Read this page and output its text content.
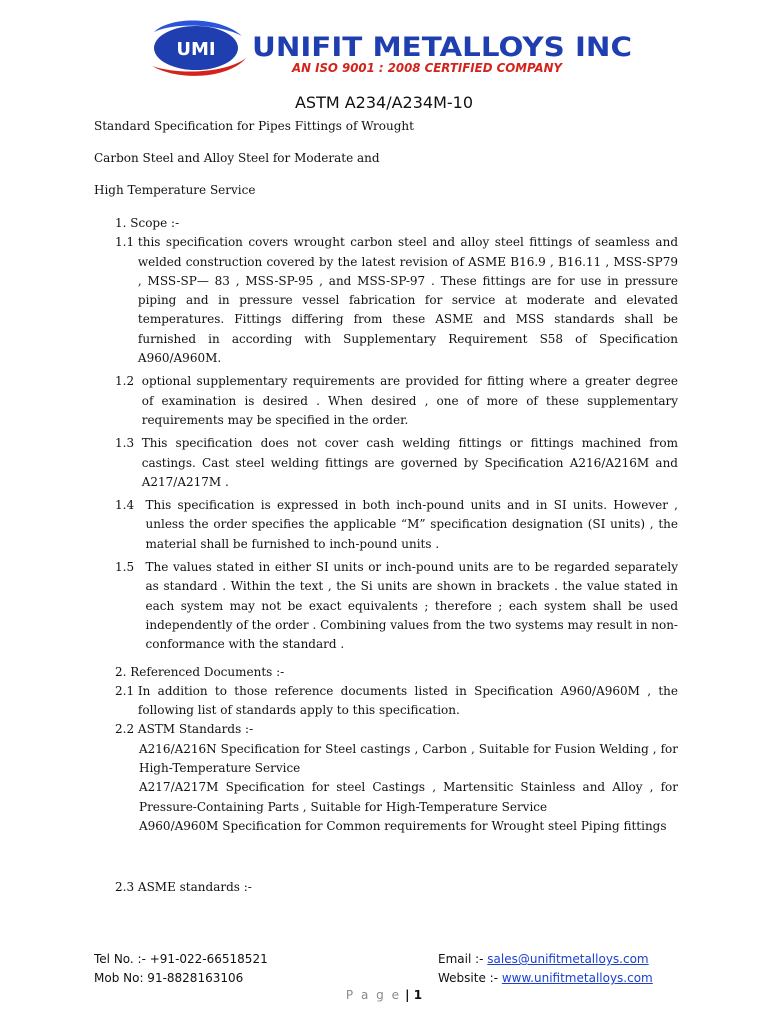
UMI UNIFIT METALLOYS INC
AN ISO 9001 : 2008 CERTIFIED COMPANY
ASTM A234/A234M-10
Standard Specification for Pipes Fittings of Wrought
Carbon Steel and Alloy Steel for Moderate and
High Temperature Service
1. Scope :-
1.1 this specification covers wrought carbon steel and alloy steel fittings of seamless and welded construction covered by the latest revision of ASME B16.9 , B16.11 , MSS-SP79 , MSS-SP— 83 , MSS-SP-95 , and MSS-SP-97 . These fittings are for use in pressure piping and in pressure vessel fabrication for service at moderate and elevated temperatures. Fittings differing from these ASME and MSS standards shall be furnished in according with Supplementary Requirement S58 of Specification A960/A960M.
1.2 optional supplementary requirements are provided for fitting where a greater degree of examination is desired . When desired , one of more of these supplementary requirements may be specified in the order.
1.3 This specification does not cover cash welding fittings or fittings machined from castings. Cast steel welding fittings are governed by Specification A216/A216M and A217/A217M .
1.4 This specification is expressed in both inch-pound units and in SI units. However , unless the order specifies the applicable “M” specification designation (SI units) , the material shall be furnished to inch-pound units .
1.5 The values stated in either SI units or inch-pound units are to be regarded separately as standard . Within the text , the Si units are shown in brackets . the value stated in each system may not be exact equivalents ; therefore ; each system shall be used independently of the order . Combining values from the two systems may result in non-conformance with the standard .
2. Referenced Documents :-
2.1 In addition to those reference documents listed in Specification A960/A960M , the following list of standards apply to this specification.
2.2 ASTM Standards :-
A216/A216N Specification for Steel castings , Carbon , Suitable for Fusion Welding , for High-Temperature Service
A217/A217M Specification for steel Castings , Martensitic Stainless and Alloy , for Pressure-Containing Parts , Suitable for High-Temperature Service
A960/A960M Specification for Common requirements for Wrought steel Piping fittings
2.3 ASME standards :-
Tel No. :- +91-022-66518521	Email :- sales@unifitmetalloys.com
Mob No: 91-8828163106	Website :- www.unifitmetalloys.com
P a g e | 1
